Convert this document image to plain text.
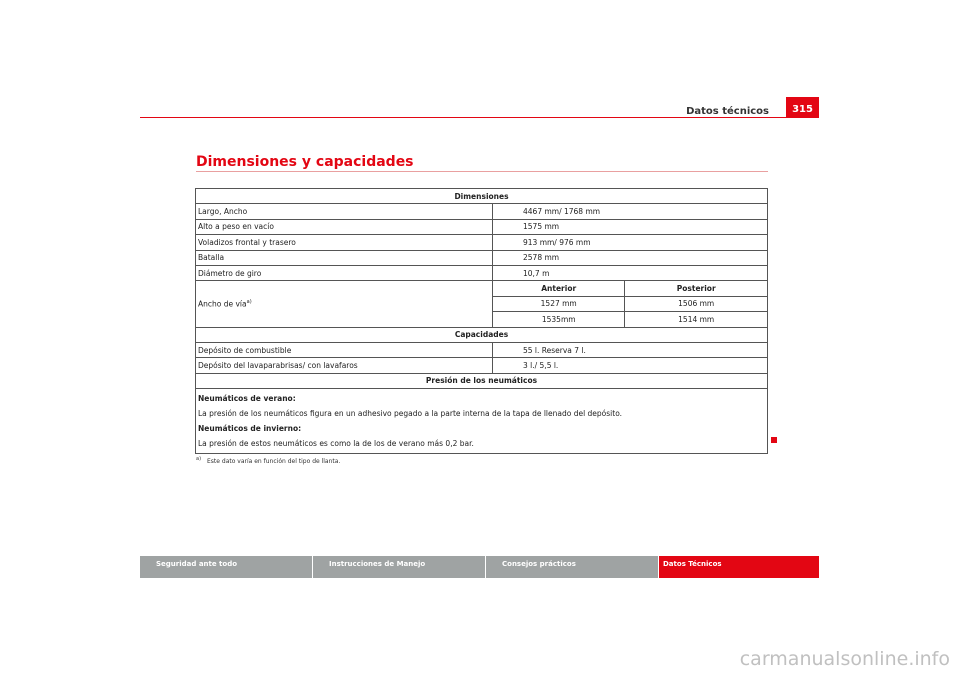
Datos técnicos	315
Dimensiones y capacidades
Dimensiones
Largo, Ancho	4467 mm/ 1768 mm
Alto a peso en vacío	1575 mm
Voladizos frontal y trasero	913 mm/ 976 mm
Batalla	2578 mm
Diámetro de giro	10,7 m
Ancho de vía$^{a)}$	
Anterior	Posterior
1527 mm	1506 mm
1535mm	1514 mm

Capacidades
Depósito de combustible	55 l. Reserva 7 l.
Depósito del lavaparabrisas/ con lavafaros	3 l./ 5,5 l.
Presión de los neumáticos

Neumáticos de verano:
La presión de los neumáticos figura en un adhesivo pegado a la parte interna de la tapa de llenado del depósito.
Neumáticos de invierno:
La presión de estos neumáticos es como la de los de verano más 0,2 bar.
$^{a)}$ Este dato varía en función del tipo de llanta.
Seguridad ante todo	Instrucciones de Manejo	Consejos prácticos	Datos Técnicos
carmanualsonline.info
